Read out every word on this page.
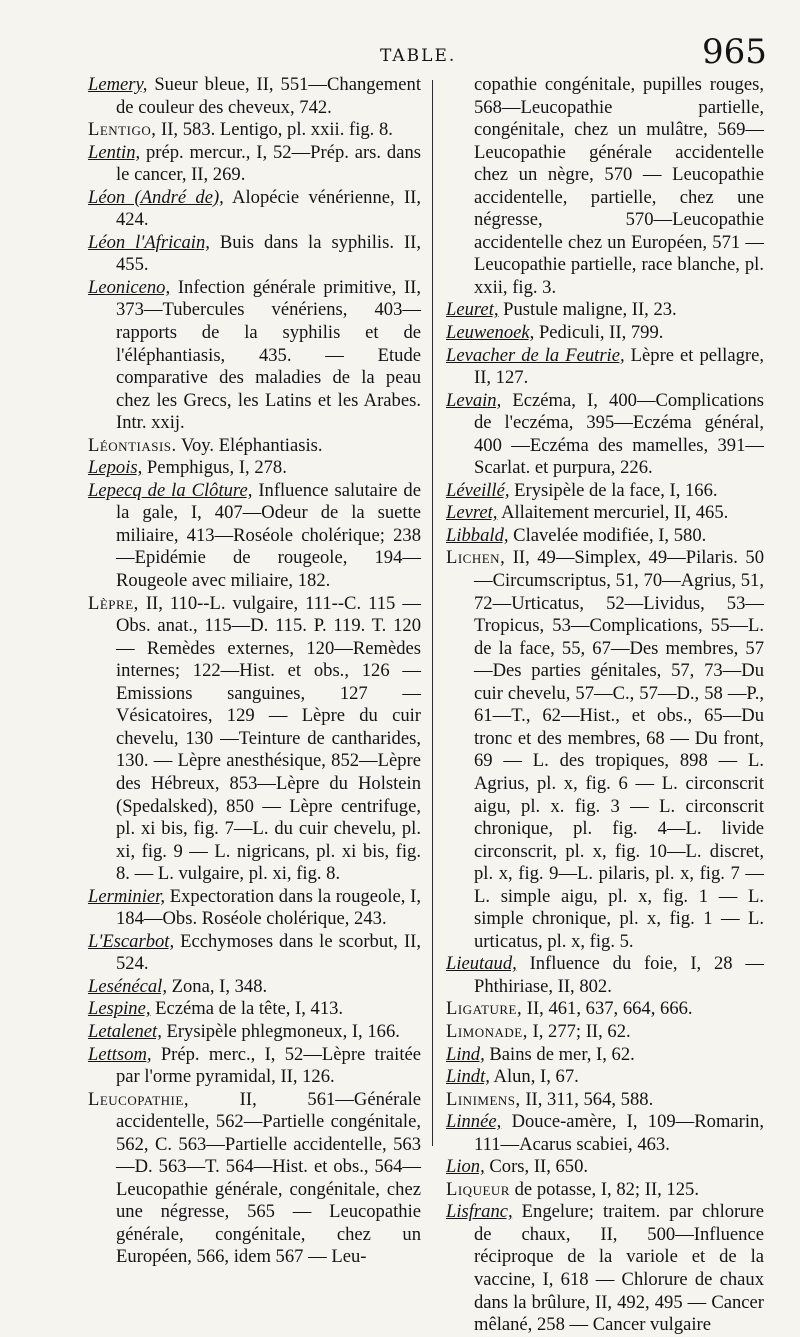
TABLE.	965

Lemery, Sueur bleue, II, 551—Changement de couleur des cheveux, 742.

Lentigo, II, 583. Lentigo, pl. xxii. fig. 8.

Lentin, prép. mercur., I, 52—Prép. ars. dans le cancer, II, 269.

Léon (André de), Alopécie vénérienne, II, 424.

Léon l'Africain, Buis dans la syphilis. II, 455.

Leoniceno, Infection générale primitive, II, 373—Tubercules vénériens, 403—rapports de la syphilis et de l'éléphantiasis, 435. — Etude comparative des maladies de la peau chez les Grecs, les Latins et les Arabes. Intr. xxij.

Léontiasis. Voy. Eléphantiasis.

Lepois, Pemphigus, I, 278.

Lepecq de la Clôture, Influence salutaire de la gale, I, 407—Odeur de la suette miliaire, 413—Roséole cholérique; 238 —Epidémie de rougeole, 194—Rougeole avec miliaire, 182.

Lèpre, II, 110--L. vulgaire, 111--C. 115 — Obs. anat., 115—D. 115. P. 119. T. 120 — Remèdes externes, 120—Remèdes internes; 122—Hist. et obs., 126 — Emissions sanguines, 127 — Vésicatoires, 129 — Lèpre du cuir chevelu, 130 —Teinture de cantharides, 130. — Lèpre anesthésique, 852—Lèpre des Hébreux, 853—Lèpre du Holstein (Spedalsked), 850 — Lèpre centrifuge, pl. xi bis, fig. 7—L. du cuir chevelu, pl. xi, fig. 9 — L. nigricans, pl. xi bis, fig. 8. — L. vulgaire, pl. xi, fig. 8.

Lerminier, Expectoration dans la rougeole, I, 184—Obs. Roséole cholérique, 243.

L'Escarbot, Ecchymoses dans le scorbut, II, 524.

Lesénécal, Zona, I, 348.

Lespine, Eczéma de la tête, I, 413.

Letalenet, Erysipèle phlegmoneux, I, 166.

Lettsom, Prép. merc., I, 52—Lèpre traitée par l'orme pyramidal, II, 126.

Leucopathie, II, 561—Générale accidentelle, 562—Partielle congénitale, 562, C. 563—Partielle accidentelle, 563—D. 563—T. 564—Hist. et obs., 564—Leucopathie générale, congénitale, chez une négresse, 565 — Leucopathie générale, congénitale, chez un Européen, 566, idem 567 — Leu-

copathie congénitale, pupilles rouges, 568—Leucopathie partielle, congénitale, chez un mulâtre, 569—Leucopathie générale accidentelle chez un nègre, 570 — Leucopathie accidentelle, partielle, chez une négresse, 570—Leucopathie accidentelle chez un Européen, 571 — Leucopathie partielle, race blanche, pl. xxii, fig. 3.

Leuret, Pustule maligne, II, 23.

Leuwenoek, Pediculi, II, 799.

Levacher de la Feutrie, Lèpre et pellagre, II, 127.

Levain, Eczéma, I, 400—Complications de l'eczéma, 395—Eczéma général, 400 —Eczéma des mamelles, 391—Scarlat. et purpura, 226.

Léveillé, Erysipèle de la face, I, 166.

Levret, Allaitement mercuriel, II, 465.

Libbald, Clavelée modifiée, I, 580.

Lichen, II, 49—Simplex, 49—Pilaris. 50—Circumscriptus, 51, 70—Agrius, 51, 72—Urticatus, 52—Lividus, 53—Tropicus, 53—Complications, 55—L. de la face, 55, 67—Des membres, 57—Des parties génitales, 57, 73—Du cuir chevelu, 57—C., 57—D., 58 —P., 61—T., 62—Hist., et obs., 65—Du tronc et des membres, 68 — Du front, 69 — L. des tropiques, 898 — L. Agrius, pl. x, fig. 6 — L. circonscrit aigu, pl. x. fig. 3 — L. circonscrit chronique, pl. fig. 4—L. livide circonscrit, pl. x, fig. 10—L. discret, pl. x, fig. 9—L. pilaris, pl. x, fig. 7 — L. simple aigu, pl. x, fig. 1 — L. simple chronique, pl. x, fig. 1 — L. urticatus, pl. x, fig. 5.

Lieutaud, Influence du foie, I, 28 — Phthiriase, II, 802.

Ligature, II, 461, 637, 664, 666.

Limonade, I, 277; II, 62.

Lind, Bains de mer, I, 62.

Lindt, Alun, I, 67.

Linimens, II, 311, 564, 588.

Linnée, Douce-amère, I, 109—Romarin, 111—Acarus scabiei, 463.

Lion, Cors, II, 650.

Liqueur de potasse, I, 82; II, 125.

Lisfranc, Engelure; traitem. par chlorure de chaux, II, 500—Influence réciproque de la variole et de la vaccine, I, 618 — Chlorure de chaux dans la brûlure, II, 492, 495 — Cancer mêlané, 258 — Cancer vulgaire
